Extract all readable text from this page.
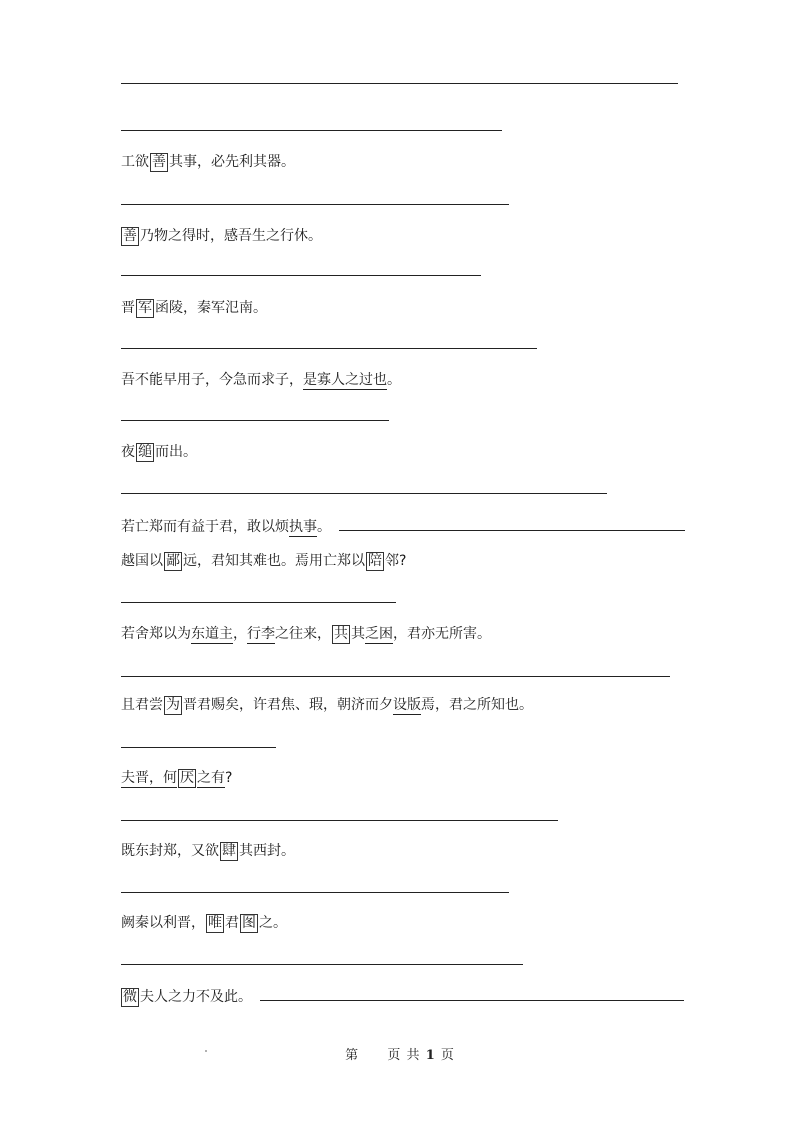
工欲 善 其事，必先利其器。
善 乃物之得时，感吾生之行休。
晋 军 函陵，秦军氾南。
吾不能早用子，今急而求子，是寡人之过也。
夜 缒 而出。
若亡郑而有益于君，敢以烦执事。
越国以 鄙 远，君知其难也。焉用亡郑以 陪 邻?
若舍郑以为东道主，行李之往来， 共 其乏困，君亦无所害。
且君尝 为 晋君赐矣，许君焦、瑕，朝济而夕设版焉，君之所知也。
夫晋，何 厌 之有?
既东封郑，又欲 肆 其西封。
阙秦以利晋， 唯 君 图 之。
微 夫人之力不及此。
第 页 共 1 页
